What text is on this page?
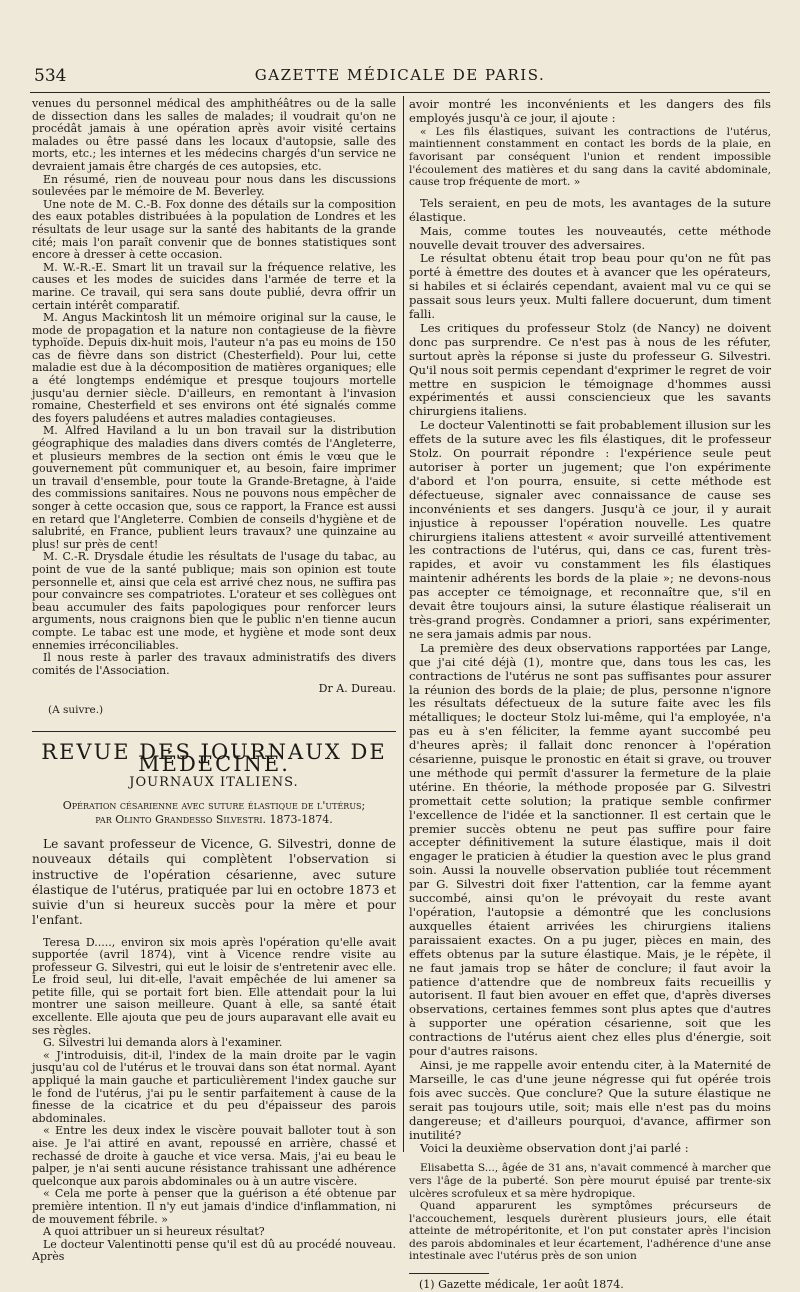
534	GAZETTE MÉDICALE DE PARIS.

venues du personnel médical des amphithéâtres ou de la salle de dissection dans les salles de malades; il voudrait qu'on ne procédât jamais à une opération après avoir visité certains malades ou être passé dans les locaux d'autopsie, salle des morts, etc.; les internes et les médecins chargés d'un service ne devraient jamais être chargés de ces autopsies, etc.

En résumé, rien de nouveau pour nous dans les discussions soulevées par le mémoire de M. Beverley.

Une note de M. C.-B. Fox donne des détails sur la composition des eaux potables distribuées à la population de Londres et les résultats de leur usage sur la santé des habitants de la grande cité; mais l'on paraît convenir que de bonnes statistiques sont encore à dresser à cette occasion.

M. W.-R.-E. Smart lit un travail sur la fréquence relative, les causes et les modes de suicides dans l'armée de terre et la marine. Ce travail, qui sera sans doute publié, devra offrir un certain intérêt comparatif.

M. Angus Mackintosh lit un mémoire original sur la cause, le mode de propagation et la nature non contagieuse de la fièvre typhoïde. Depuis dix-huit mois, l'auteur n'a pas eu moins de 150 cas de fièvre dans son district (Chesterfield). Pour lui, cette maladie est due à la décomposition de matières organiques; elle a été longtemps endémique et presque toujours mortelle jusqu'au dernier siècle. D'ailleurs, en remontant à l'invasion romaine, Chesterfield et ses environs ont été signalés comme des foyers paludéens et autres maladies contagieuses.

M. Alfred Haviland a lu un bon travail sur la distribution géographique des maladies dans divers comtés de l'Angleterre, et plusieurs membres de la section ont émis le vœu que le gouvernement pût communiquer et, au besoin, faire imprimer un travail d'ensemble, pour toute la Grande-Bretagne, à l'aide des commissions sanitaires. Nous ne pouvons nous empêcher de songer à cette occasion que, sous ce rapport, la France est aussi en retard que l'Angleterre. Combien de conseils d'hygiène et de salubrité, en France, publient leurs travaux? une quinzaine au plus! sur près de cent!

M. C.-R. Drysdale étudie les résultats de l'usage du tabac, au point de vue de la santé publique; mais son opinion est toute personnelle et, ainsi que cela est arrivé chez nous, ne suffira pas pour convaincre ses compatriotes. L'orateur et ses collègues ont beau accumuler des faits papologiques pour renforcer leurs arguments, nous craignons bien que le public n'en tienne aucun compte. Le tabac est une mode, et hygiène et mode sont deux ennemies irréconciliables.

Il nous reste à parler des travaux administratifs des divers comités de l'Association.

Dr A. Dureau.
(A suivre.)
REVUE DES JOURNAUX DE MÉDECINE.
JOURNAUX ITALIENS.
Opération césarienne avec suture élastique de l'utérus;
par Olinto Grandesso Silvestri. 1873-1874.

Le savant professeur de Vicence, G. Silvestri, donne de nouveaux détails qui complètent l'observation si instructive de l'opération césarienne, avec suture élastique de l'utérus, pratiquée par lui en octobre 1873 et suivie d'un si heureux succès pour la mère et pour l'enfant.

Teresa D....., environ six mois après l'opération qu'elle avait supportée (avril 1874), vint à Vicence rendre visite au professeur G. Silvestri, qui eut le loisir de s'entretenir avec elle. Le froid seul, lui dit-elle, l'avait empêchée de lui amener sa petite fille, qui se portait fort bien. Elle attendait pour la lui montrer une saison meilleure. Quant à elle, sa santé était excellente. Elle ajouta que peu de jours auparavant elle avait eu ses règles.

G. Silvestri lui demanda alors à l'examiner.

« J'introduisis, dit-il, l'index de la main droite par le vagin jusqu'au col de l'utérus et le trouvai dans son état normal. Ayant appliqué la main gauche et particulièrement l'index gauche sur le fond de l'utérus, j'ai pu le sentir parfaitement à cause de la finesse de la cicatrice et du peu d'épaisseur des parois abdominales.

« Entre les deux index le viscère pouvait balloter tout à son aise. Je l'ai attiré en avant, repoussé en arrière, chassé et rechassé de droite à gauche et vice versa. Mais, j'ai eu beau le palper, je n'ai senti aucune résistance trahissant une adhérence quelconque aux parois abdominales ou à un autre viscère.

« Cela me porte à penser que la guérison a été obtenue par première intention. Il n'y eut jamais d'indice d'inflammation, ni de mouvement fébrile. »

A quoi attribuer un si heureux résultat?

Le docteur Valentinotti pense qu'il est dû au procédé nouveau. Après

avoir montré les inconvénients et les dangers des fils employés jusqu'à ce jour, il ajoute :

« Les fils élastiques, suivant les contractions de l'utérus, maintiennent constamment en contact les bords de la plaie, en favorisant par conséquent l'union et rendent impossible l'écoulement des matières et du sang dans la cavité abdominale, cause trop fréquente de mort. »

Tels seraient, en peu de mots, les avantages de la suture élastique.

Mais, comme toutes les nouveautés, cette méthode nouvelle devait trouver des adversaires.

Le résultat obtenu était trop beau pour qu'on ne fût pas porté à émettre des doutes et à avancer que les opérateurs, si habiles et si éclairés cependant, avaient mal vu ce qui se passait sous leurs yeux. Multi fallere docuerunt, dum timent falli.

Les critiques du professeur Stolz (de Nancy) ne doivent donc pas surprendre. Ce n'est pas à nous de les réfuter, surtout après la réponse si juste du professeur G. Silvestri. Qu'il nous soit permis cependant d'exprimer le regret de voir mettre en suspicion le témoignage d'hommes aussi expérimentés et aussi consciencieux que les savants chirurgiens italiens.

Le docteur Valentinotti se fait probablement illusion sur les effets de la suture avec les fils élastiques, dit le professeur Stolz. On pourrait répondre : l'expérience seule peut autoriser à porter un jugement; que l'on expérimente d'abord et l'on pourra, ensuite, si cette méthode est défectueuse, signaler avec connaissance de cause ses inconvénients et ses dangers. Jusqu'à ce jour, il y aurait injustice à repousser l'opération nouvelle. Les quatre chirurgiens italiens attestent « avoir surveillé attentivement les contractions de l'utérus, qui, dans ce cas, furent très-rapides, et avoir vu constamment les fils élastiques maintenir adhérents les bords de la plaie »; ne devons-nous pas accepter ce témoignage, et reconnaître que, s'il en devait être toujours ainsi, la suture élastique réaliserait un très-grand progrès. Condamner a priori, sans expérimenter, ne sera jamais admis par nous.

La première des deux observations rapportées par Lange, que j'ai cité déjà (1), montre que, dans tous les cas, les contractions de l'utérus ne sont pas suffisantes pour assurer la réunion des bords de la plaie; de plus, personne n'ignore les résultats défectueux de la suture faite avec les fils métalliques; le docteur Stolz lui-même, qui l'a employée, n'a pas eu à s'en féliciter, la femme ayant succombé peu d'heures après; il fallait donc renoncer à l'opération césarienne, puisque le pronostic en était si grave, ou trouver une méthode qui permît d'assurer la fermeture de la plaie utérine. En théorie, la méthode proposée par G. Silvestri promettait cette solution; la pratique semble confirmer l'excellence de l'idée et la sanctionner. Il est certain que le premier succès obtenu ne peut pas suffire pour faire accepter définitivement la suture élastique, mais il doit engager le praticien à étudier la question avec le plus grand soin. Aussi la nouvelle observation publiée tout récemment par G. Silvestri doit fixer l'attention, car la femme ayant succombé, ainsi qu'on le prévoyait du reste avant l'opération, l'autopsie a démontré que les conclusions auxquelles étaient arrivées les chirurgiens italiens paraissaient exactes. On a pu juger, pièces en main, des effets obtenus par la suture élastique. Mais, je le répète, il ne faut jamais trop se hâter de conclure; il faut avoir la patience d'attendre que de nombreux faits recueillis y autorisent. Il faut bien avouer en effet que, d'après diverses observations, certaines femmes sont plus aptes que d'autres à supporter une opération césarienne, soit que les contractions de l'utérus aient chez elles plus d'énergie, soit pour d'autres raisons.

Ainsi, je me rappelle avoir entendu citer, à la Maternité de Marseille, le cas d'une jeune négresse qui fut opérée trois fois avec succès. Que conclure? Que la suture élastique ne serait pas toujours utile, soit; mais elle n'est pas du moins dangereuse; et d'ailleurs pourquoi, d'avance, affirmer son inutilité?

Voici la deuxième observation dont j'ai parlé :

Elisabetta S..., âgée de 31 ans, n'avait commencé à marcher que vers l'âge de la puberté. Son père mourut épuisé par trente-six ulcères scrofuleux et sa mère hydropique.

Quand apparurent les symptômes précurseurs de l'accouchement, lesquels durèrent plusieurs jours, elle était atteinte de métropéritonite, et l'on put constater après l'incision des parois abdominales et leur écartement, l'adhérence d'une anse intestinale avec l'utérus près de son union

(1) Gazette médicale, 1er août 1874.
